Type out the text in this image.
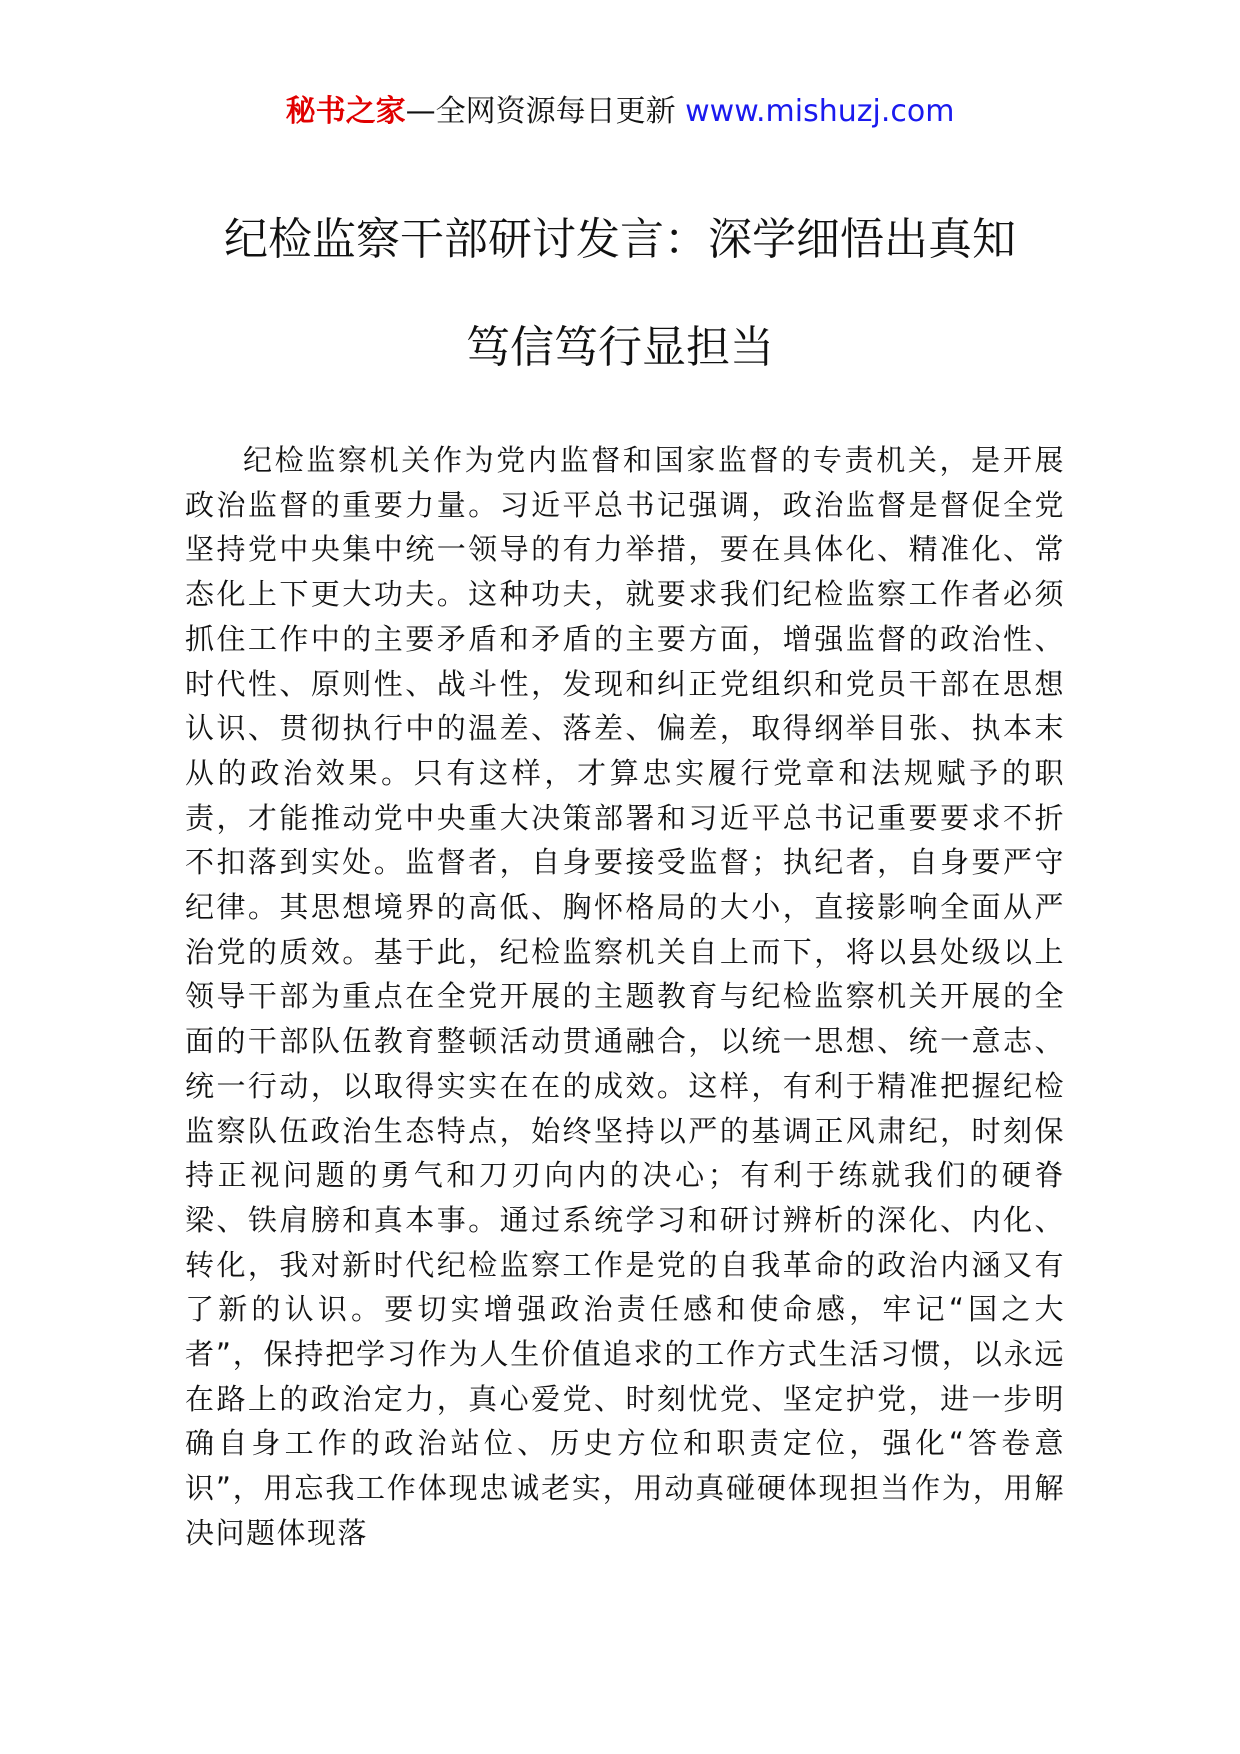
秘书之家—全网资源每日更新 www.mishuzj.com
纪检监察干部研讨发言：深学细悟出真知
笃信笃行显担当

纪检监察机关作为党内监督和国家监督的专责机关，是开展政治监督的重要力量。习近平总书记强调，政治监督是督促全党坚持党中央集中统一领导的有力举措，要在具体化、精准化、常态化上下更大功夫。这种功夫，就要求我们纪检监察工作者必须抓住工作中的主要矛盾和矛盾的主要方面，增强监督的政治性、时代性、原则性、战斗性，发现和纠正党组织和党员干部在思想认识、贯彻执行中的温差、落差、偏差，取得纲举目张、执本末从的政治效果。只有这样，才算忠实履行党章和法规赋予的职责，才能推动党中央重大决策部署和习近平总书记重要要求不折不扣落到实处。监督者，自身要接受监督；执纪者，自身要严守纪律。其思想境界的高低、胸怀格局的大小，直接影响全面从严治党的质效。基于此，纪检监察机关自上而下，将以县处级以上领导干部为重点在全党开展的主题教育与纪检监察机关开展的全面的干部队伍教育整顿活动贯通融合，以统一思想、统一意志、统一行动，以取得实实在在的成效。这样，有利于精准把握纪检监察队伍政治生态特点，始终坚持以严的基调正风肃纪，时刻保持正视问题的勇气和刀刃向内的决心；有利于练就我们的硬脊梁、铁肩膀和真本事。通过系统学习和研讨辨析的深化、内化、转化，我对新时代纪检监察工作是党的自我革命的政治内涵又有了新的认识。要切实增强政治责任感和使命感，牢记“国之大者”，保持把学习作为人生价值追求的工作方式生活习惯，以永远在路上的政治定力，真心爱党、时刻忧党、坚定护党，进一步明确自身工作的政治站位、历史方位和职责定位，强化“答卷意识”，用忘我工作体现忠诚老实，用动真碰硬体现担当作为，用解决问题体现落
